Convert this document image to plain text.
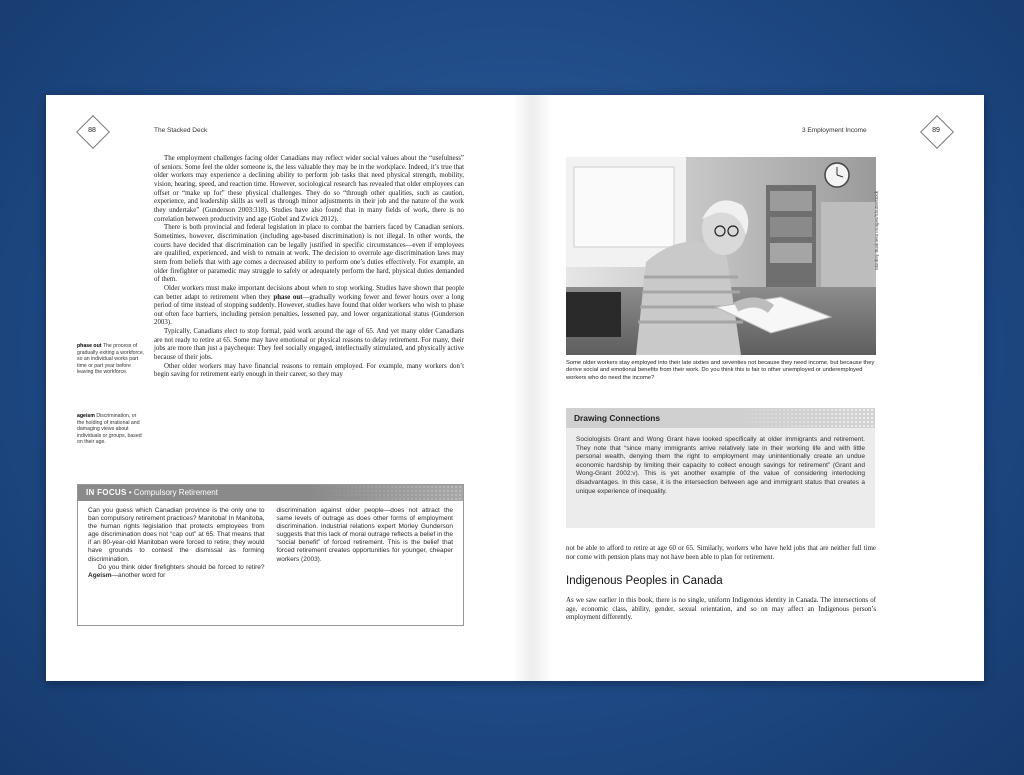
88	The Stacked Deck

The employment challenges facing older Canadians may reflect wider social values about the “usefulness” of seniors. Some feel the older someone is, the less valuable they may be in the workplace. Indeed, it’s true that older workers may experience a declining ability to perform job tasks that need physical strength, mobility, vision, hearing, speed, and reaction time. However, sociological research has revealed that older employees can offset or “make up for” these physical challenges. They do so “through other qualities, such as caution, experience, and leadership skills as well as through minor adjustments in their job and the nature of the work they undertake” (Gunderson 2003:318). Studies have also found that in many fields of work, there is no correlation between productivity and age (Gobel and Zwick 2012).

There is both provincial and federal legislation in place to combat the barriers faced by Canadian seniors. Sometimes, however, discrimination (including age-based discrimination) is not illegal. In other words, the courts have decided that discrimination can be legally justified in specific circumstances—even if employees are qualified, experienced, and wish to remain at work. The decision to overrule age discrimination laws may stem from beliefs that with age comes a decreased ability to perform one’s duties effectively. For example, an older firefighter or paramedic may struggle to safely or adequately perform the hard, physical duties demanded of them.

Older workers must make important decisions about when to stop working. Studies have shown that people can better adapt to retirement when they phase out—gradually working fewer and fewer hours over a long period of time instead of stopping suddenly. However, studies have found that older workers who wish to phase out often face barriers, including pension penalties, lessened pay, and lower organizational status (Gunderson 2003).

Typically, Canadians elect to stop formal, paid work around the age of 65. And yet many older Canadians are not ready to retire at 65. Some may have emotional or physical reasons to delay retirement. For many, their jobs are more than just a paycheque: They feel socially engaged, intellectually stimulated, and physically active because of their jobs.

Other older workers may have financial reasons to remain employed. For example, many workers don’t begin saving for retirement early enough in their career, so they may

phase out The process of gradually exiting a workforce, so an individual works part time or part year before leaving the workforce.
ageism Discrimination, or the holding of irrational and damaging views about individuals or groups, based on their age.
IN FOCUS • Compulsory Retirement

Can you guess which Canadian province is the only one to ban compulsory retirement practices? Manitoba! In Manitoba, the human rights legislation that protects employees from age discrimination does not “cap out” at 65. That means that if an 80-year-old Manitoban were forced to retire, they would have grounds to contest the dismissal as forming discrimination.

Do you think older firefighters should be forced to retire? Ageism—another word for

discrimination against older people—does not attract the same levels of outrage as does other forms of employment discrimination. Industrial relations expert Morley Gunderson suggests that this lack of moral outrage reflects a belief in the “social benefit” of forced retirement. This is the belief that forced retirement creates opportunities for younger, cheaper workers (2003).

3 Employment Income	89
Monkey Business Images/Shutterstock

Some older workers stay employed into their late sixties and seventies not because they need income, but because they derive social and emotional benefits from their work. Do you think this is fair to other unemployed or underemployed workers who do need the income?

Drawing Connections

Sociologists Grant and Wong Grant have looked specifically at older immigrants and retirement. They note that “since many immigrants arrive relatively late in their working life and with little personal wealth, denying them the right to employment may unintentionally create an undue economic hardship by limiting their capacity to collect enough savings for retirement” (Grant and Wong-Grant 2002:v). This is yet another example of the value of considering interlocking disadvantages. In this case, it is the intersection between age and immigrant status that creates a unique experience of inequality.

not be able to afford to retire at age 60 or 65. Similarly, workers who have held jobs that are neither full time nor come with pension plans may not have been able to plan for retirement.

Indigenous Peoples in Canada

As we saw earlier in this book, there is no single, uniform Indigenous identity in Canada. The intersections of age, economic class, ability, gender, sexual orientation, and so on may affect an Indigenous person’s employment differently.
